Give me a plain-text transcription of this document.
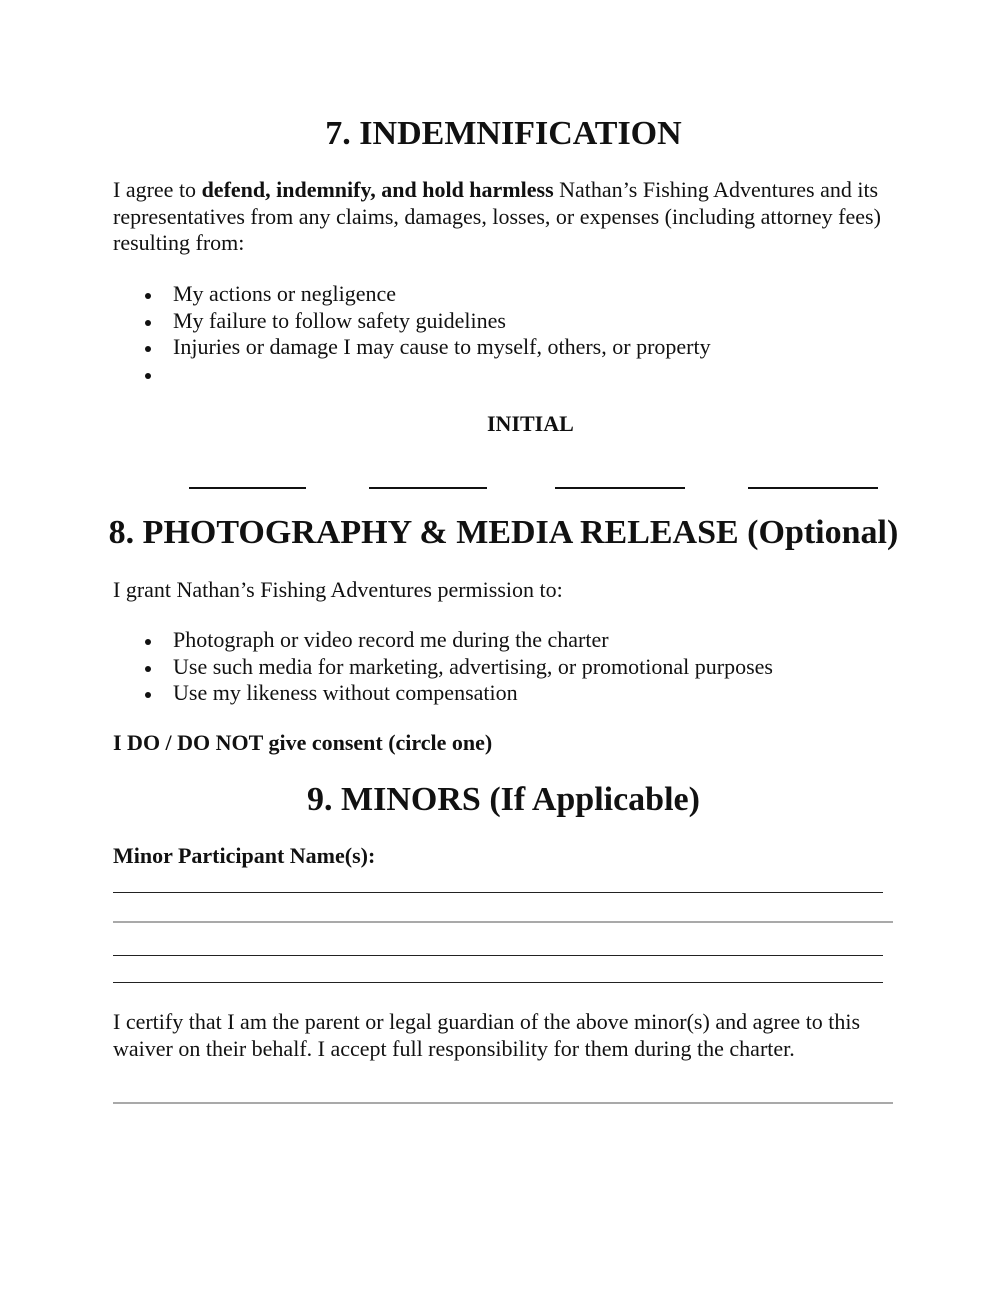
7. INDEMNIFICATION
I agree to defend, indemnify, and hold harmless Nathan’s Fishing Adventures and its representatives from any claims, damages, losses, or expenses (including attorney fees) resulting from:
My actions or negligence
My failure to follow safety guidelines
Injuries or damage I may cause to myself, others, or property
INITIAL
8. PHOTOGRAPHY & MEDIA RELEASE (Optional)
I grant Nathan’s Fishing Adventures permission to:
Photograph or video record me during the charter
Use such media for marketing, advertising, or promotional purposes
Use my likeness without compensation
I DO / DO NOT give consent (circle one)
9. MINORS (If Applicable)
Minor Participant Name(s):
I certify that I am the parent or legal guardian of the above minor(s) and agree to this waiver on their behalf. I accept full responsibility for them during the charter.
